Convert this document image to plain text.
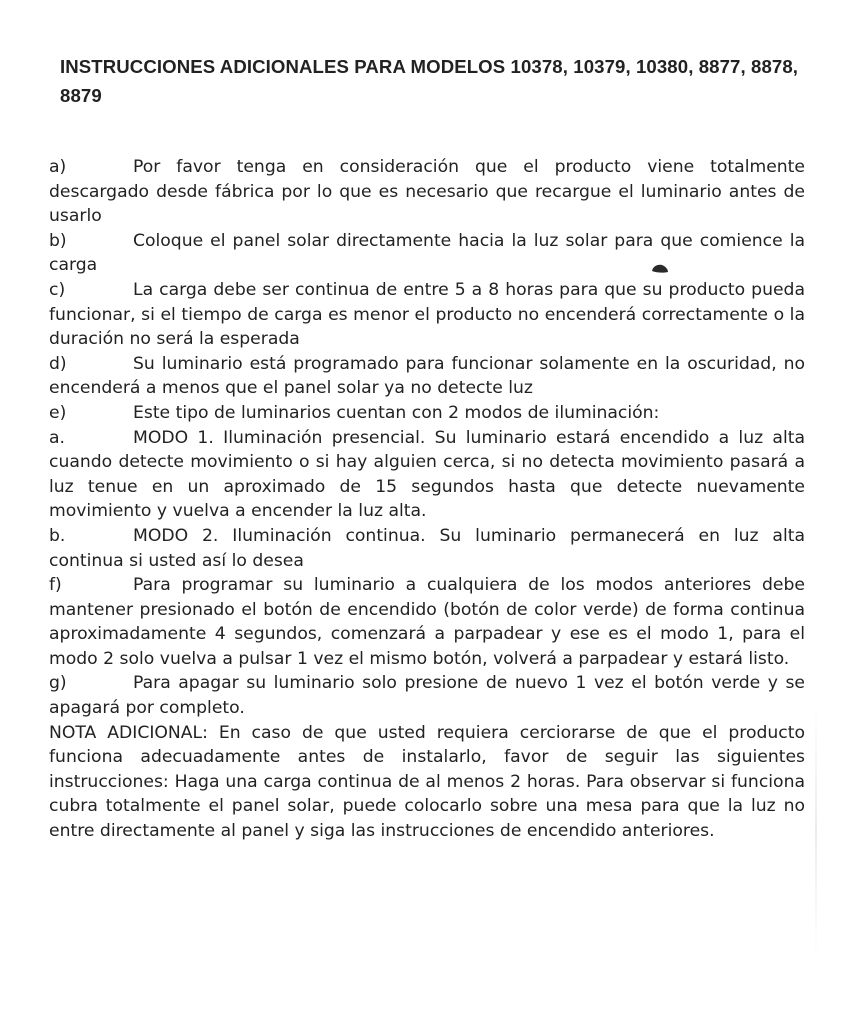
INSTRUCCIONES ADICIONALES PARA MODELOS 10378, 10379, 10380, 8877, 8878, 8879

a)	Por favor tenga en consideración que el producto viene totalmente descargado desde fábrica por lo que es necesario que recargue el luminario antes de usarlo

b)	Coloque el panel solar directamente hacia la luz solar para que comience la carga

c)	La carga debe ser continua de entre 5 a 8 horas para que su producto pueda funcionar, si el tiempo de carga es menor el producto no encenderá correctamente o la duración no será la esperada

d)	Su luminario está programado para funcionar solamente en la oscuridad, no encenderá a menos que el panel solar ya no detecte luz

e)	Este tipo de luminarios cuentan con 2 modos de iluminación:

a.	MODO 1. Iluminación presencial. Su luminario estará encendido a luz alta cuando detecte movimiento o si hay alguien cerca, si no detecta movimiento pasará a luz tenue en un aproximado de 15 segundos hasta que detecte nuevamente movimiento y vuelva a encender la luz alta.

b.	MODO 2. Iluminación continua. Su luminario permanecerá en luz alta continua si usted así lo desea

f)	Para programar su luminario a cualquiera de los modos anteriores debe mantener presionado el botón de encendido (botón de color verde) de forma continua aproximadamente 4 segundos, comenzará a parpadear y ese es el modo 1, para el modo 2 solo vuelva a pulsar 1 vez el mismo botón, volverá a parpadear y estará listo.

g)	Para apagar su luminario solo presione de nuevo 1 vez el botón verde y se apagará por completo.

NOTA ADICIONAL: En caso de que usted requiera cerciorarse de que el producto funciona adecuadamente antes de instalarlo, favor de seguir las siguientes instrucciones: Haga una carga continua de al menos 2 horas. Para observar si funciona cubra totalmente el panel solar, puede colocarlo sobre una mesa para que la luz no entre directamente al panel y siga las instrucciones de encendido anteriores.
